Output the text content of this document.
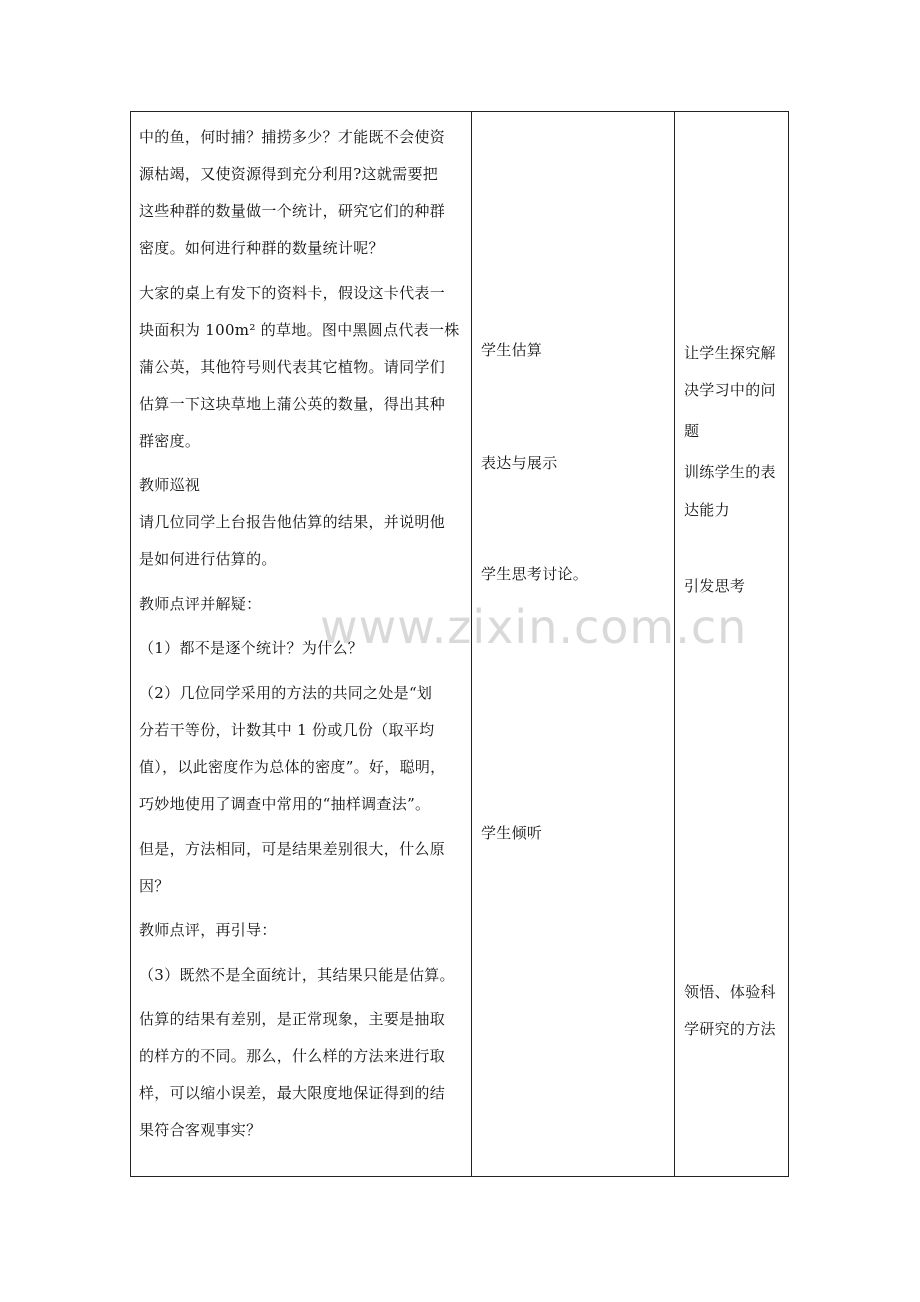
www.zixin.com.cn
中的鱼，何时捕？捕捞多少？才能既不会使资
源枯竭，又使资源得到充分利用?这就需要把
这些种群的数量做一个统计，研究它们的种群
密度。如何进行种群的数量统计呢？
大家的桌上有发下的资料卡，假设这卡代表一
块面积为 100m² 的草地。图中黑圆点代表一株
蒲公英，其他符号则代表其它植物。请同学们
估算一下这块草地上蒲公英的数量，得出其种
群密度。
教师巡视
请几位同学上台报告他估算的结果，并说明他
是如何进行估算的。
教师点评并解疑：
（1）都不是逐个统计？为什么？
（2）几位同学采用的方法的共同之处是“划
分若干等份，计数其中 1 份或几份（取平均
值），以此密度作为总体的密度”。好，聪明，
巧妙地使用了调查中常用的“抽样调查法”。
但是，方法相同，可是结果差别很大，什么原
因？
教师点评，再引导：
（3）既然不是全面统计，其结果只能是估算。
估算的结果有差别，是正常现象，主要是抽取
的样方的不同。那么，什么样的方法来进行取
样，可以缩小误差，最大限度地保证得到的结
果符合客观事实？
学生估算
表达与展示
学生思考讨论。
学生倾听
让学生探究解
决学习中的问
题
训练学生的表
达能力
引发思考
领悟、体验科
学研究的方法
